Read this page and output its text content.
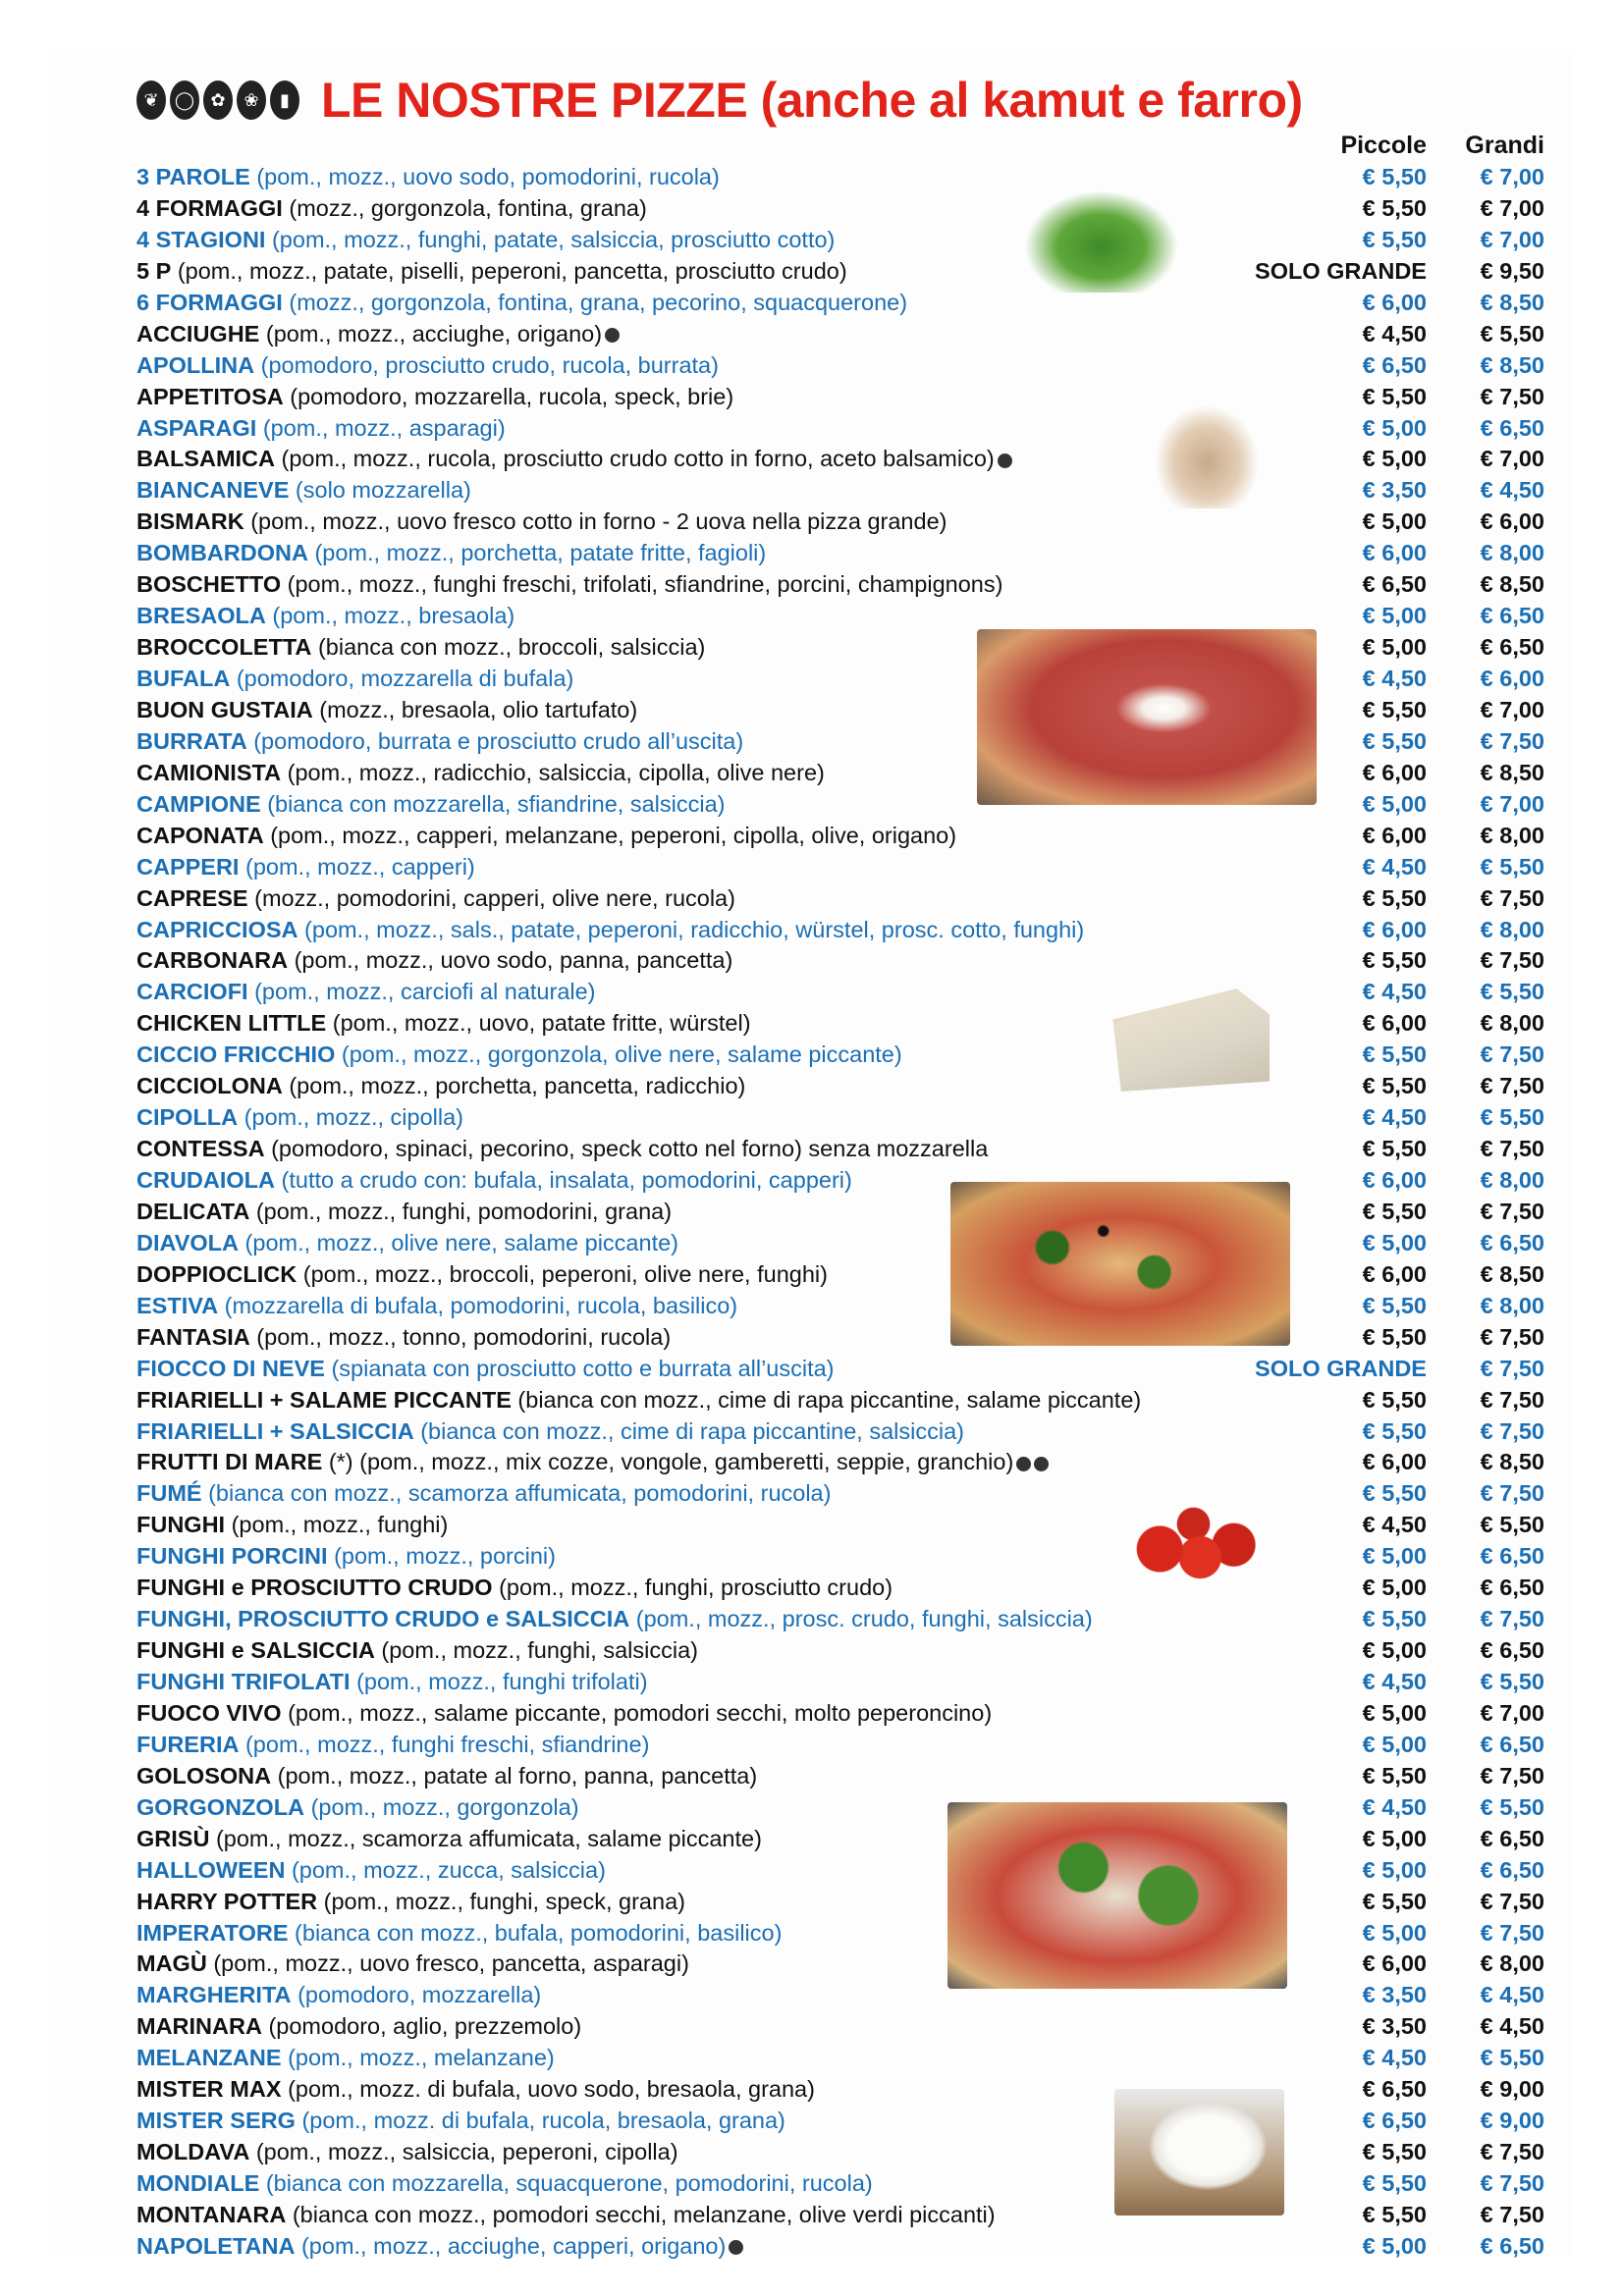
❦ ◯ ✿	❀	▮ LE NOSTRE PIZZE (anche al kamut e farro)
Piccole	Grandi
3 PAROLE (pom., mozz., uovo sodo, pomodorini, rucola)	€ 5,50	€ 7,00
4 FORMAGGI (mozz., gorgonzola, fontina, grana)	€ 5,50	€ 7,00
4 STAGIONI (pom., mozz., funghi, patate, salsiccia, prosciutto cotto)	€ 5,50	€ 7,00
5 P (pom., mozz., patate, piselli, peperoni, pancetta, prosciutto crudo)	SOLO GRANDE	€ 9,50
6 FORMAGGI (mozz., gorgonzola, fontina, grana, pecorino, squacquerone)	€ 6,00	€ 8,50
ACCIUGHE (pom., mozz., acciughe, origano)	€ 4,50	€ 5,50
APOLLINA (pomodoro, prosciutto crudo, rucola, burrata)	€ 6,50	€ 8,50
APPETITOSA (pomodoro, mozzarella, rucola, speck, brie)	€ 5,50	€ 7,50
ASPARAGI (pom., mozz., asparagi)	€ 5,00	€ 6,50
BALSAMICA (pom., mozz., rucola, prosciutto crudo cotto in forno, aceto balsamico)	€ 5,00	€ 7,00
BIANCANEVE (solo mozzarella)	€ 3,50	€ 4,50
BISMARK (pom., mozz., uovo fresco cotto in forno - 2 uova nella pizza grande)	€ 5,00	€ 6,00
BOMBARDONA (pom., mozz., porchetta, patate fritte, fagioli)	€ 6,00	€ 8,00
BOSCHETTO (pom., mozz., funghi freschi, trifolati, sfiandrine, porcini, champignons)	€ 6,50	€ 8,50
BRESAOLA (pom., mozz., bresaola)	€ 5,00	€ 6,50
BROCCOLETTA (bianca con mozz., broccoli, salsiccia)	€ 5,00	€ 6,50
BUFALA (pomodoro, mozzarella di bufala)	€ 4,50	€ 6,00
BUON GUSTAIA (mozz., bresaola, olio tartufato)	€ 5,50	€ 7,00
BURRATA (pomodoro, burrata e prosciutto crudo all’uscita)	€ 5,50	€ 7,50
CAMIONISTA (pom., mozz., radicchio, salsiccia, cipolla, olive nere)	€ 6,00	€ 8,50
CAMPIONE (bianca con mozzarella, sfiandrine, salsiccia)	€ 5,00	€ 7,00
CAPONATA (pom., mozz., capperi, melanzane, peperoni, cipolla, olive, origano)	€ 6,00	€ 8,00
CAPPERI (pom., mozz., capperi)	€ 4,50	€ 5,50
CAPRESE (mozz., pomodorini, capperi, olive nere, rucola)	€ 5,50	€ 7,50
CAPRICCIOSA (pom., mozz., sals., patate, peperoni, radicchio, würstel, prosc. cotto, funghi)	€ 6,00	€ 8,00
CARBONARA (pom., mozz., uovo sodo, panna, pancetta)	€ 5,50	€ 7,50
CARCIOFI (pom., mozz., carciofi al naturale)	€ 4,50	€ 5,50
CHICKEN LITTLE (pom., mozz., uovo, patate fritte, würstel)	€ 6,00	€ 8,00
CICCIO FRICCHIO (pom., mozz., gorgonzola, olive nere, salame piccante)	€ 5,50	€ 7,50
CICCIOLONA (pom., mozz., porchetta, pancetta, radicchio)	€ 5,50	€ 7,50
CIPOLLA (pom., mozz., cipolla)	€ 4,50	€ 5,50
CONTESSA (pomodoro, spinaci, pecorino, speck cotto nel forno) senza mozzarella	€ 5,50	€ 7,50
CRUDAIOLA (tutto a crudo con: bufala, insalata, pomodorini, capperi)	€ 6,00	€ 8,00
DELICATA (pom., mozz., funghi, pomodorini, grana)	€ 5,50	€ 7,50
DIAVOLA (pom., mozz., olive nere, salame piccante)	€ 5,00	€ 6,50
DOPPIOCLICK (pom., mozz., broccoli, peperoni, olive nere, funghi)	€ 6,00	€ 8,50
ESTIVA (mozzarella di bufala, pomodorini, rucola, basilico)	€ 5,50	€ 8,00
FANTASIA (pom., mozz., tonno, pomodorini, rucola)	€ 5,50	€ 7,50
FIOCCO DI NEVE (spianata con prosciutto cotto e burrata all’uscita)	SOLO GRANDE	€ 7,50
FRIARIELLI + SALAME PICCANTE (bianca con mozz., cime di rapa piccantine, salame piccante)	€ 5,50	€ 7,50
FRIARIELLI + SALSICCIA (bianca con mozz., cime di rapa piccantine, salsiccia)	€ 5,50	€ 7,50
FRUTTI DI MARE (*) (pom., mozz., mix cozze, vongole, gamberetti, seppie, granchio)	€ 6,00	€ 8,50
FUMÉ (bianca con mozz., scamorza affumicata, pomodorini, rucola)	€ 5,50	€ 7,50
FUNGHI (pom., mozz., funghi)	€ 4,50	€ 5,50
FUNGHI PORCINI (pom., mozz., porcini)	€ 5,00	€ 6,50
FUNGHI e PROSCIUTTO CRUDO (pom., mozz., funghi, prosciutto crudo)	€ 5,00	€ 6,50
FUNGHI, PROSCIUTTO CRUDO e SALSICCIA (pom., mozz., prosc. crudo, funghi, salsiccia)	€ 5,50	€ 7,50
FUNGHI e SALSICCIA (pom., mozz., funghi, salsiccia)	€ 5,00	€ 6,50
FUNGHI TRIFOLATI (pom., mozz., funghi trifolati)	€ 4,50	€ 5,50
FUOCO VIVO (pom., mozz., salame piccante, pomodori secchi, molto peperoncino)	€ 5,00	€ 7,00
FURERIA (pom., mozz., funghi freschi, sfiandrine)	€ 5,00	€ 6,50
GOLOSONA (pom., mozz., patate al forno, panna, pancetta)	€ 5,50	€ 7,50
GORGONZOLA (pom., mozz., gorgonzola)	€ 4,50	€ 5,50
GRISÙ (pom., mozz., scamorza affumicata, salame piccante)	€ 5,00	€ 6,50
HALLOWEEN (pom., mozz., zucca, salsiccia)	€ 5,00	€ 6,50
HARRY POTTER (pom., mozz., funghi, speck, grana)	€ 5,50	€ 7,50
IMPERATORE (bianca con mozz., bufala, pomodorini, basilico)	€ 5,00	€ 7,50
MAGÙ (pom., mozz., uovo fresco, pancetta, asparagi)	€ 6,00	€ 8,00
MARGHERITA (pomodoro, mozzarella)	€ 3,50	€ 4,50
MARINARA (pomodoro, aglio, prezzemolo)	€ 3,50	€ 4,50
MELANZANE (pom., mozz., melanzane)	€ 4,50	€ 5,50
MISTER MAX (pom., mozz. di bufala, uovo sodo, bresaola, grana)	€ 6,50	€ 9,00
MISTER SERG (pom., mozz. di bufala, rucola, bresaola, grana)	€ 6,50	€ 9,00
MOLDAVA (pom., mozz., salsiccia, peperoni, cipolla)	€ 5,50	€ 7,50
MONDIALE (bianca con mozzarella, squacquerone, pomodorini, rucola)	€ 5,50	€ 7,50
MONTANARA (bianca con mozz., pomodori secchi, melanzane, olive verdi piccanti)	€ 5,50	€ 7,50
NAPOLETANA (pom., mozz., acciughe, capperi, origano)	€ 5,00	€ 6,50
